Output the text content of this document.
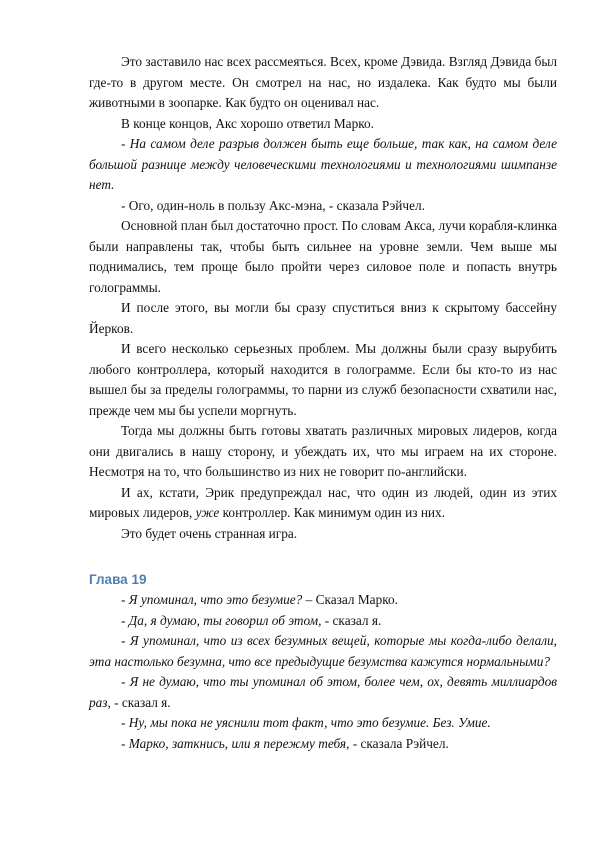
Это заставило нас всех рассмеяться. Всех, кроме Дэвида. Взгляд Дэвида был где-то в другом месте. Он смотрел на нас, но издалека. Как будто мы были животными в зоопарке. Как будто он оценивал нас.

В конце концов, Акс хорошо ответил Марко.

- На самом деле разрыв должен быть еще больше, так как, на самом деле большой разнице между человеческими технологиями и технологиями шимпанзе нет.

- Ого, один-ноль в пользу Акс-мэна, - сказала Рэйчел.

Основной план был достаточно прост. По словам Акса, лучи корабля-клинка были направлены так, чтобы быть сильнее на уровне земли. Чем выше мы поднимались, тем проще было пройти через силовое поле и попасть внутрь голограммы.

И после этого, вы могли бы сразу спуститься вниз к скрытому бассейну Йерков.

И всего несколько серьезных проблем. Мы должны были сразу вырубить любого контроллера, который находится в голограмме. Если бы кто-то из нас вышел бы за пределы голограммы, то парни из служб безопасности схватили нас, прежде чем мы бы успели моргнуть.

Тогда мы должны быть готовы хватать различных мировых лидеров, когда они двигались в нашу сторону, и убеждать их, что мы играем на их стороне. Несмотря на то, что большинство из них не говорит по-английски.

И ах, кстати, Эрик предупреждал нас, что один из людей, один из этих мировых лидеров, уже контроллер. Как минимум один из них.

Это будет очень странная игра.

Глава 19

- Я упоминал, что это безумие? – Сказал Марко.

- Да, я думаю, ты говорил об этом, - сказал я.

- Я упоминал, что из всех безумных вещей, которые мы когда-либо делали, эта настолько безумна, что все предыдущие безумства кажутся нормальными?

- Я не думаю, что ты упоминал об этом, более чем, ох, девять миллиардов раз, - сказал я.

- Ну, мы пока не уяснили тот факт, что это безумие. Без. Умие.

- Марко, заткнись, или я пережму тебя, - сказала Рэйчел.
